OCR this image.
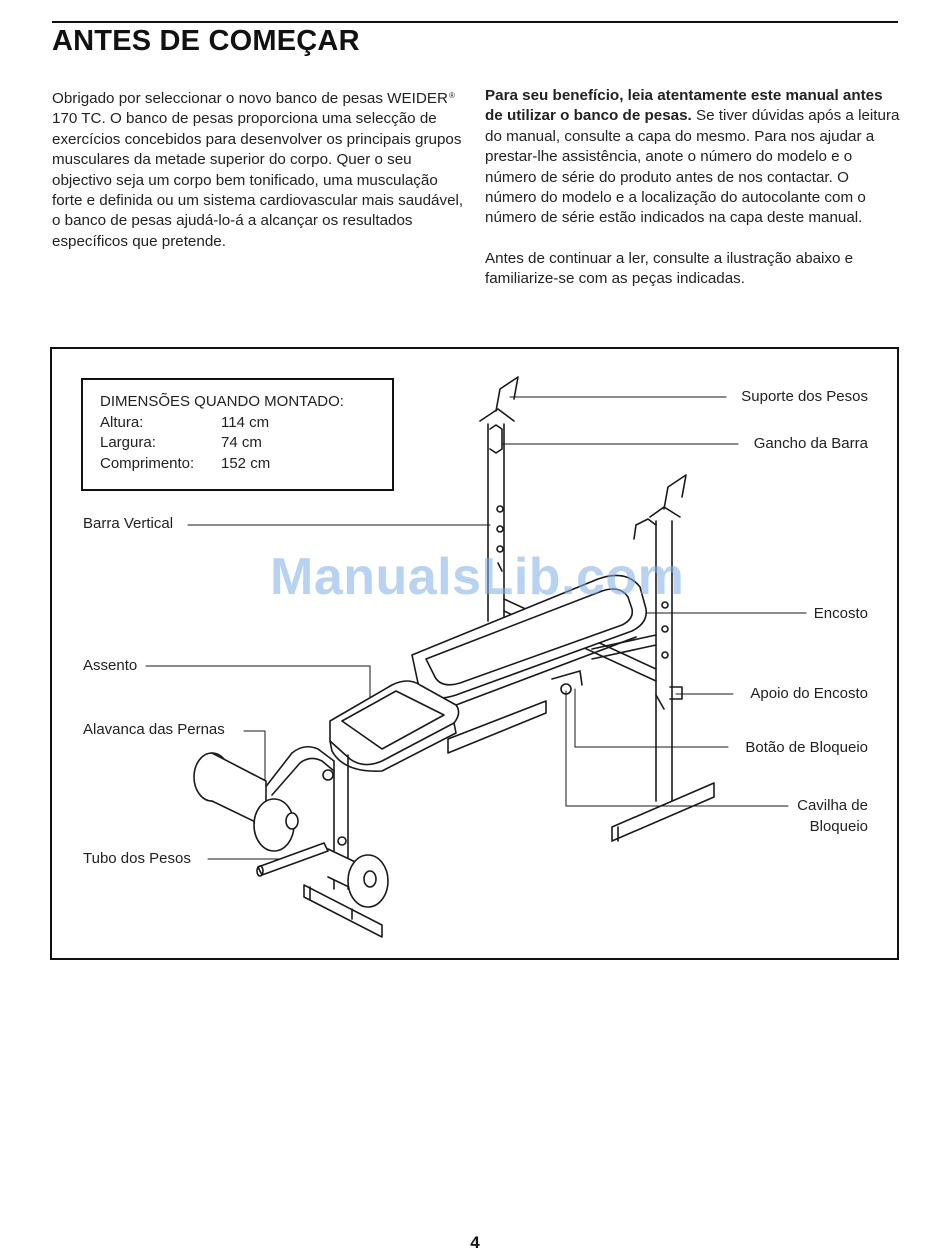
ANTES DE COMEÇAR

Obrigado por seleccionar o novo banco de pesas WEIDER® 170 TC. O banco de pesas proporciona uma selecção de exercícios concebidos para desenvolver os principais grupos musculares da metade superior do corpo. Quer o seu objectivo seja um corpo bem tonificado, uma musculação forte e definida ou um sistema cardiovascular mais saudável, o banco de pesas ajudá-lo-á a alcançar os resultados específicos que pretende.

Para seu benefício, leia atentamente este manual antes de utilizar o banco de pesas. Se tiver dúvidas após a leitura do manual, consulte a capa do mesmo. Para nos ajudar a prestar-lhe assistência, anote o número do modelo e o número de série do produto antes de nos contactar. O número do modelo e a localização do autocolante com o número de série estão indicados na capa deste manual.

Antes de continuar a ler, consulte a ilustração abaixo e familiarize-se com as peças indicadas.

DIMENSÕES QUANDO MONTADO:
Altura:	114 cm
Largura:	74 cm
Comprimento:	152 cm
ManualsLib.com
Suporte dos Pesos
Gancho da Barra
Barra Vertical
Encosto
Assento
Apoio do Encosto
Alavanca das Pernas
Botão de Bloqueio
Cavilha de
Bloqueio
Tubo dos Pesos
4
